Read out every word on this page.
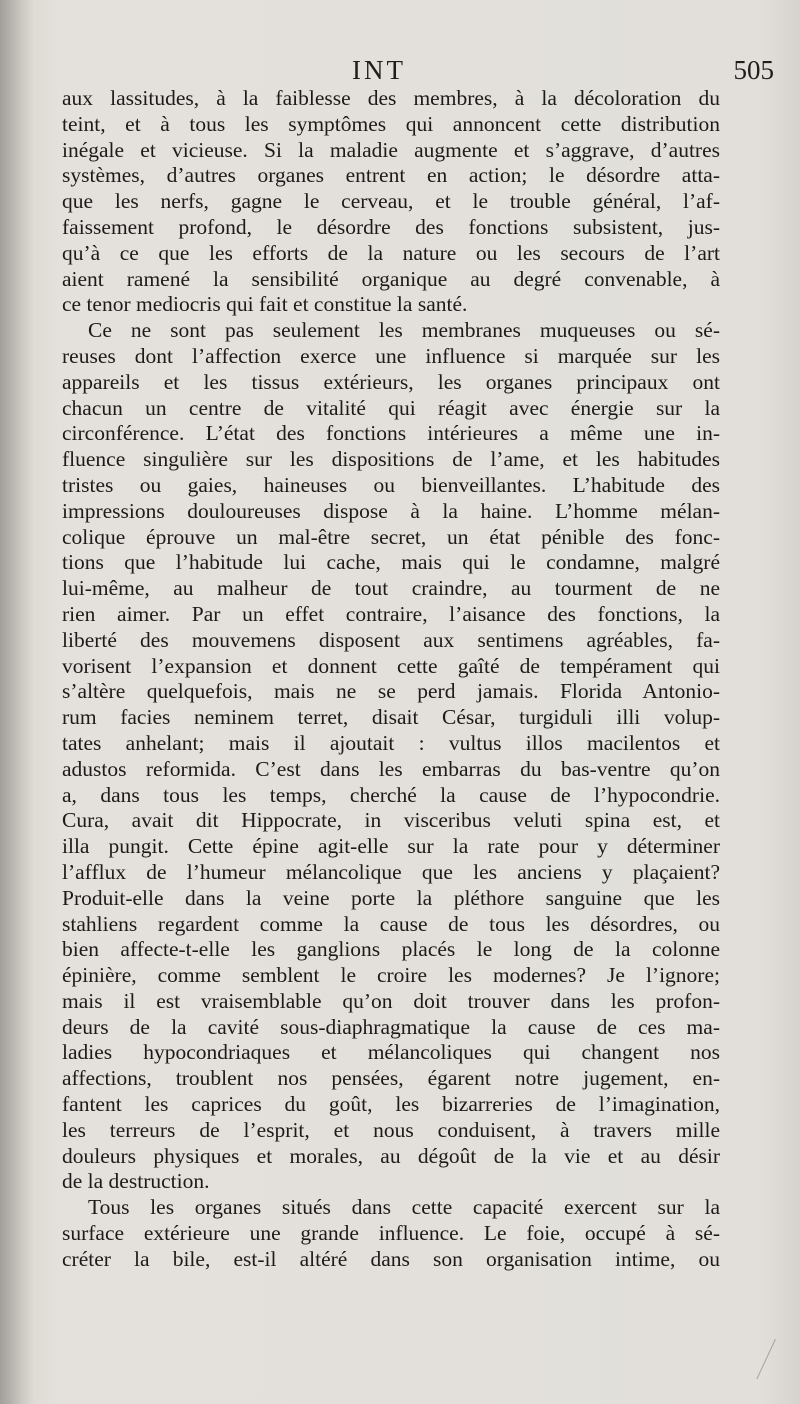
INT	505
aux lassitudes, à la faiblesse des membres, à la décoloration du
teint, et à tous les symptômes qui annoncent cette distribution
inégale et vicieuse. Si la maladie augmente et s’aggrave, d’autres
systèmes, d’autres organes entrent en action; le désordre atta-
que les nerfs, gagne le cerveau, et le trouble général, l’af-
faissement profond, le désordre des fonctions subsistent, jus-
qu’à ce que les efforts de la nature ou les secours de l’art
aient ramené la sensibilité organique au degré convenable, à
ce tenor mediocris qui fait et constitue la santé.
Ce ne sont pas seulement les membranes muqueuses ou sé-
reuses dont l’affection exerce une influence si marquée sur les
appareils et les tissus extérieurs, les organes principaux ont
chacun un centre de vitalité qui réagit avec énergie sur la
circonférence. L’état des fonctions intérieures a même une in-
fluence singulière sur les dispositions de l’ame, et les habitudes
tristes ou gaies, haineuses ou bienveillantes. L’habitude des
impressions douloureuses dispose à la haine. L’homme mélan-
colique éprouve un mal-être secret, un état pénible des fonc-
tions que l’habitude lui cache, mais qui le condamne, malgré
lui-même, au malheur de tout craindre, au tourment de ne
rien aimer. Par un effet contraire, l’aisance des fonctions, la
liberté des mouvemens disposent aux sentimens agréables, fa-
vorisent l’expansion et donnent cette gaîté de tempérament qui
s’altère quelquefois, mais ne se perd jamais. Florida Antonio-
rum facies neminem terret, disait César, turgiduli illi volup-
tates anhelant; mais il ajoutait : vultus illos macilentos et
adustos reformida. C’est dans les embarras du bas-ventre qu’on
a, dans tous les temps, cherché la cause de l’hypocondrie.
Cura, avait dit Hippocrate, in visceribus veluti spina est, et
illa pungit. Cette épine agit-elle sur la rate pour y déterminer
l’afflux de l’humeur mélancolique que les anciens y plaçaient?
Produit-elle dans la veine porte la pléthore sanguine que les
stahliens regardent comme la cause de tous les désordres, ou
bien affecte-t-elle les ganglions placés le long de la colonne
épinière, comme semblent le croire les modernes? Je l’ignore;
mais il est vraisemblable qu’on doit trouver dans les profon-
deurs de la cavité sous-diaphragmatique la cause de ces ma-
ladies hypocondriaques et mélancoliques qui changent nos
affections, troublent nos pensées, égarent notre jugement, en-
fantent les caprices du goût, les bizarreries de l’imagination,
les terreurs de l’esprit, et nous conduisent, à travers mille
douleurs physiques et morales, au dégoût de la vie et au désir
de la destruction.
Tous les organes situés dans cette capacité exercent sur la
surface extérieure une grande influence. Le foie, occupé à sé-
créter la bile, est-il altéré dans son organisation intime, ou
